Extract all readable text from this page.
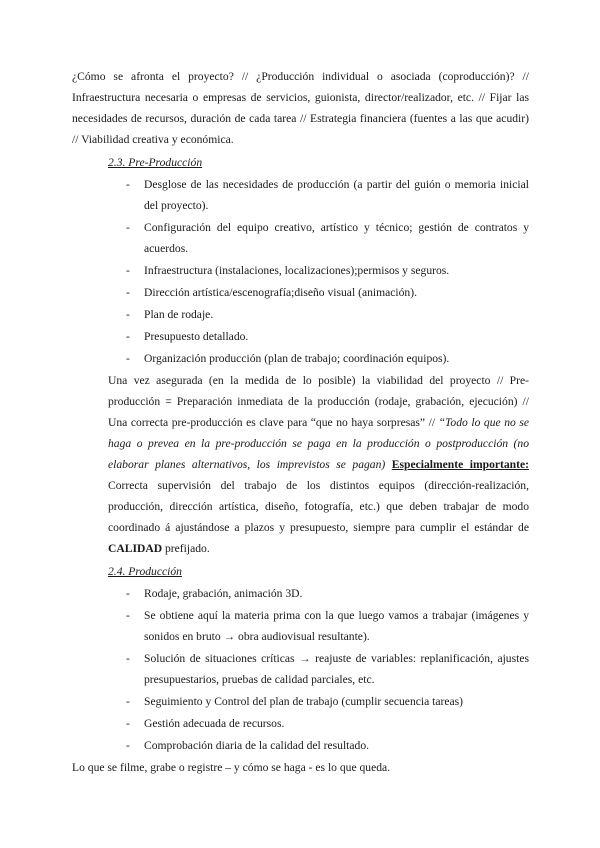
¿Cómo se afronta el proyecto? // ¿Producción individual o asociada (coproducción)? // Infraestructura necesaria o empresas de servicios, guionista, director/realizador, etc. // Fijar las necesidades de recursos, duración de cada tarea // Estrategia financiera (fuentes a las que acudir) // Viabilidad creativa y económica.

2.3. Pre-Producción

- Desglose de las necesidades de producción (a partir del guión o memoria inicial del proyecto).
- Configuración del equipo creativo, artístico y técnico; gestión de contratos y acuerdos.
- Infraestructura (instalaciones, localizaciones);permisos y seguros.
- Dirección artística/escenografía;diseño visual (animación).
- Plan de rodaje.
- Presupuesto detallado.
- Organización producción (plan de trabajo; coordinación equipos).

Una vez asegurada (en la medida de lo posible) la viabilidad del proyecto // Pre-producción = Preparación inmediata de la producción (rodaje, grabación, ejecución) // Una correcta pre-producción es clave para “que no haya sorpresas” // “Todo lo que no se haga o prevea en la pre-producción se paga en la producción o postproducción (no elaborar planes alternativos, los imprevistos se pagan) Especialmente importante: Correcta supervisión del trabajo de los distintos equipos (dirección-realización, producción, dirección artística, diseño, fotografía, etc.) que deben trabajar de modo coordinado á ajustándose a plazos y presupuesto, siempre para cumplir el estándar de CALIDAD prefijado.

2.4. Producción

- Rodaje, grabación, animación 3D.
- Se obtiene aquí la materia prima con la que luego vamos a trabajar (imágenes y sonidos en bruto → obra audiovisual resultante).
- Solución de situaciones críticas → reajuste de variables: replanificación, ajustes presupuestarios, pruebas de calidad parciales, etc.
- Seguimiento y Control del plan de trabajo (cumplir secuencia tareas)
- Gestión adecuada de recursos.
- Comprobación diaria de la calidad del resultado.

Lo que se filme, grabe o registre – y cómo se haga - es lo que queda.
